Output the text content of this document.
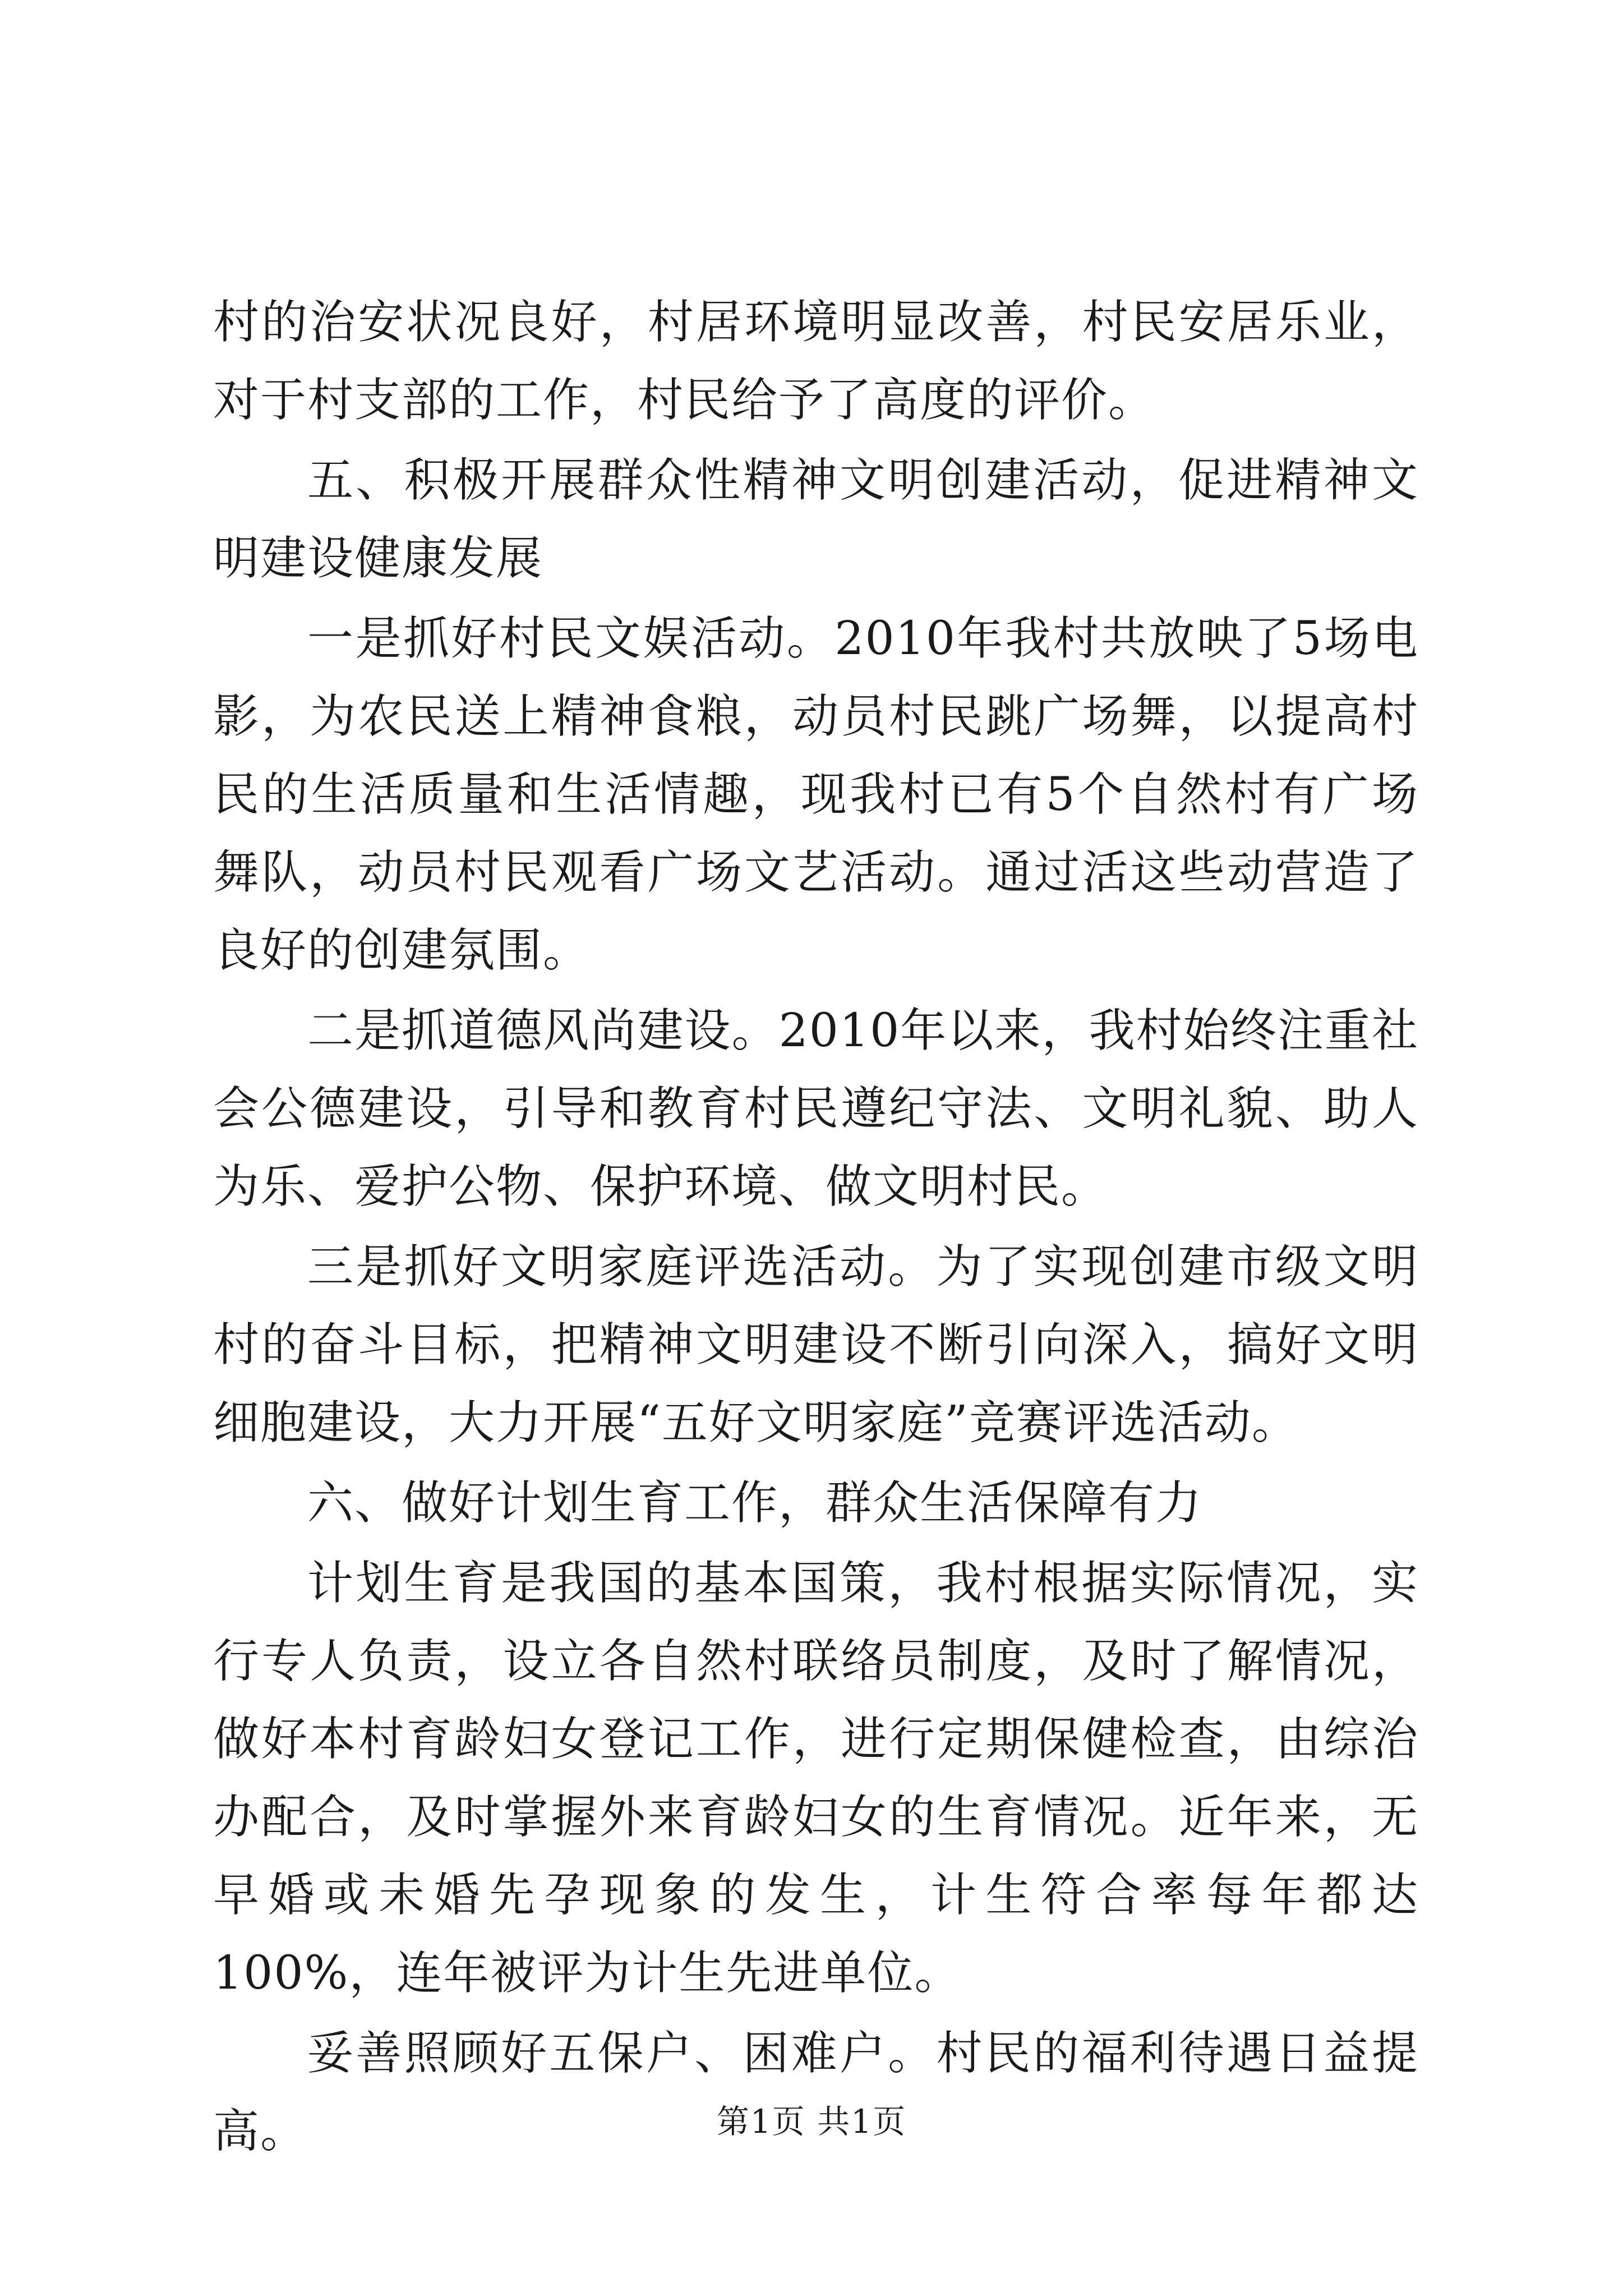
村的治安状况良好，村居环境明显改善，村民安居乐业，对于村支部的工作，村民给予了高度的评价。

五、积极开展群众性精神文明创建活动，促进精神文明建设健康发展

一是抓好村民文娱活动。2010年我村共放映了5场电影，为农民送上精神食粮，动员村民跳广场舞，以提高村民的生活质量和生活情趣，现我村已有5个自然村有广场舞队，动员村民观看广场文艺活动。通过活这些动营造了良好的创建氛围。

二是抓道德风尚建设。2010年以来，我村始终注重社会公德建设，引导和教育村民遵纪守法、文明礼貌、助人为乐、爱护公物、保护环境、做文明村民。

三是抓好文明家庭评选活动。为了实现创建市级文明村的奋斗目标，把精神文明建设不断引向深入，搞好文明细胞建设，大力开展“五好文明家庭”竞赛评选活动。

六、做好计划生育工作，群众生活保障有力

计划生育是我国的基本国策，我村根据实际情况，实行专人负责，设立各自然村联络员制度，及时了解情况，做好本村育龄妇女登记工作，进行定期保健检查，由综治办配合，及时掌握外来育龄妇女的生育情况。近年来，无早婚或未婚先孕现象的发生，计生符合率每年都达100%，连年被评为计生先进单位。

妥善照顾好五保户、困难户。村民的福利待遇日益提高。	第1页 共1页
